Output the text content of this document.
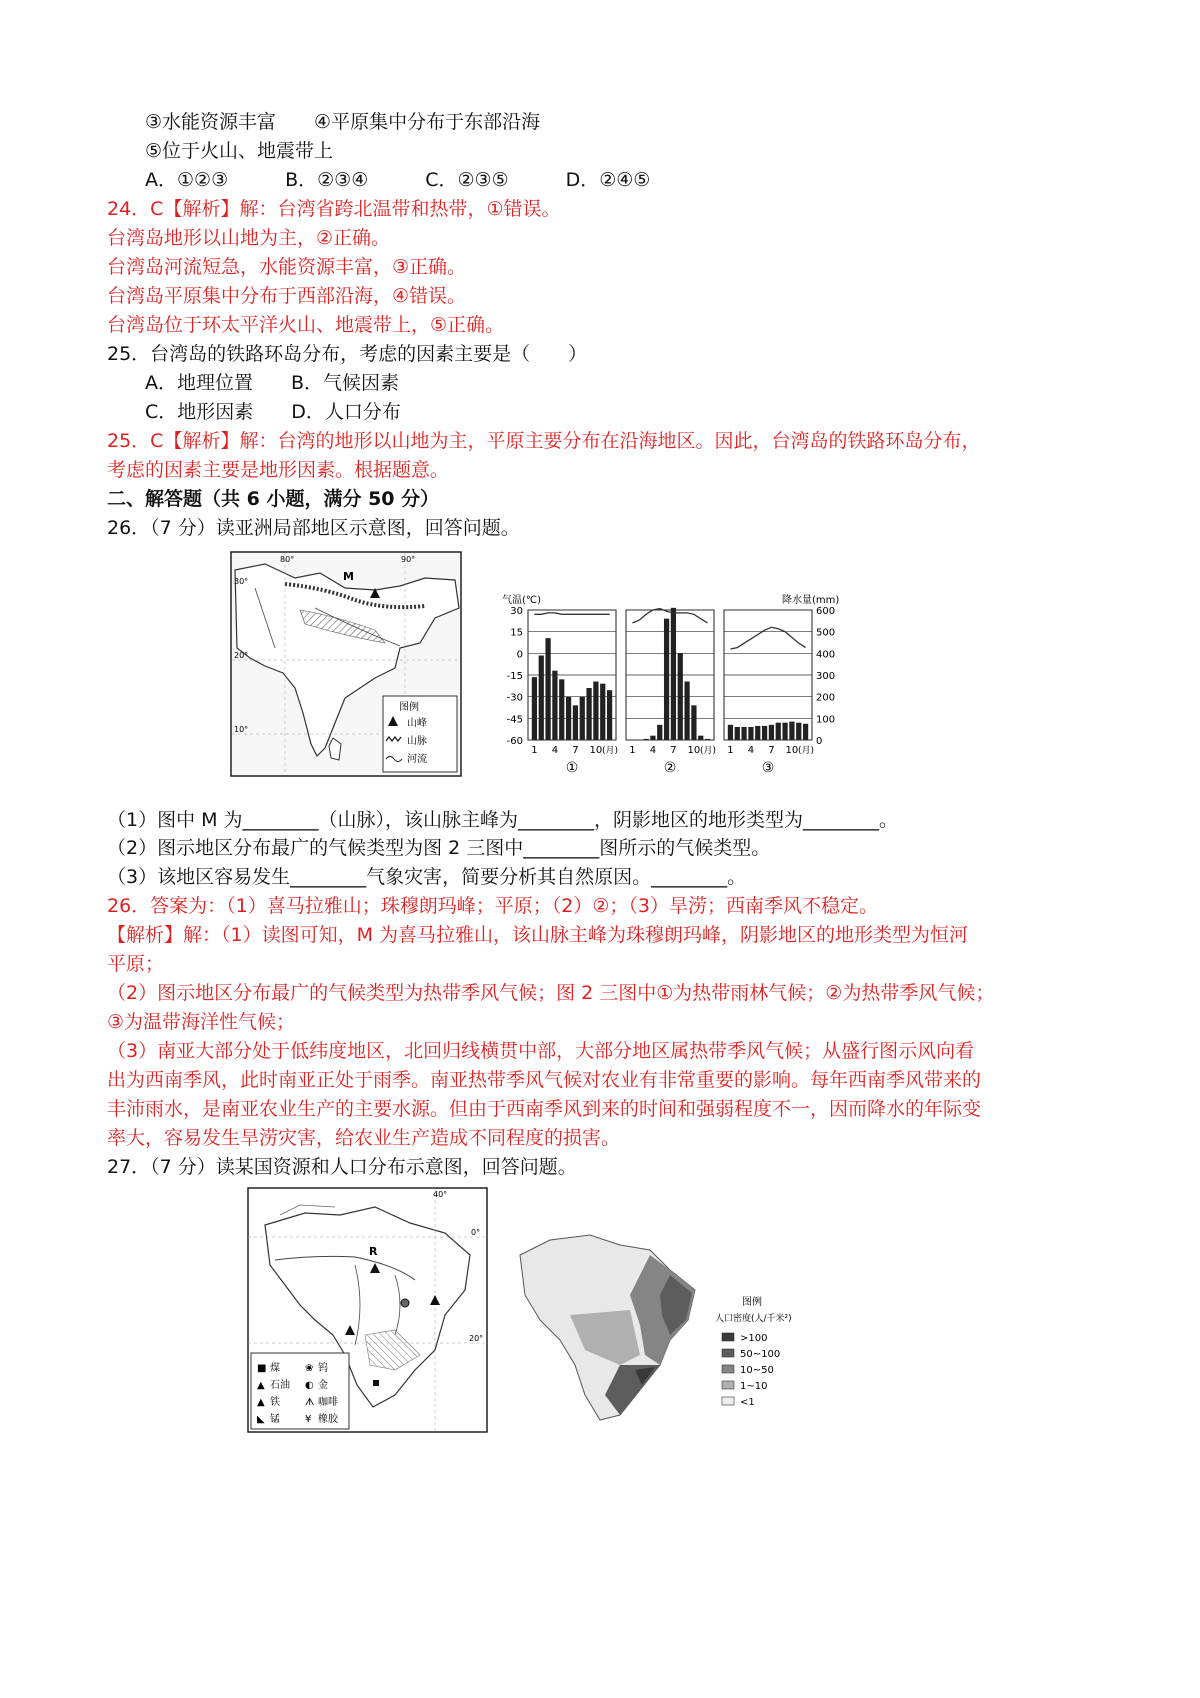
③水能资源丰富　　④平原集中分布于东部沿海
⑤位于火山、地震带上
A．①②③　　　B．②③④　　　C．②③⑤　　　D．②④⑤
24．C【解析】解：台湾省跨北温带和热带，①错误。
台湾岛地形以山地为主，②正确。
台湾岛河流短急，水能资源丰富，③正确。
台湾岛平原集中分布于西部沿海，④错误。
台湾岛位于环太平洋火山、地震带上，⑤正确。
25．台湾岛的铁路环岛分布，考虑的因素主要是（　　）
A．地理位置　　B．气候因素
C．地形因素　　D．人口分布
25．C【解析】解：台湾的地形以山地为主，平原主要分布在沿海地区。因此，台湾岛的铁路环岛分布，
考虑的因素主要是地形因素。根据题意。
二、解答题（共 6 小题，满分 50 分）
26．（7 分）读亚洲局部地区示意图，回答问题。
M
80°	90°
30°
20°
10°
图例
山峰
山脉
河流
气温(℃)	降水量(mm)
30
15
0
-15
-30
-45
-60
600
500
400
300
200
100
0
1 4 7 10 (月)
①
1 4 7 10 (月)
②
1 4 7 10 (月)
③
（1）图中 M 为________（山脉），该山脉主峰为________，阴影地区的地形类型为________。
（2）图示地区分布最广的气候类型为图 2 三图中________图所示的气候类型。
（3）该地区容易发生________气象灾害，简要分析其自然原因。________。
26．答案为：（1）喜马拉雅山；珠穆朗玛峰；平原；（2）②；（3）旱涝；西南季风不稳定。
【解析】解：（1）读图可知，M 为喜马拉雅山，该山脉主峰为珠穆朗玛峰，阴影地区的地形类型为恒河
平原；
（2）图示地区分布最广的气候类型为热带季风气候；图 2 三图中①为热带雨林气候；②为热带季风气候；
③为温带海洋性气候；
（3）南亚大部分处于低纬度地区，北回归线横贯中部，大部分地区属热带季风气候；从盛行图示风向看
出为西南季风，此时南亚正处于雨季。南亚热带季风气候对农业有非常重要的影响。每年西南季风带来的
丰沛雨水，是南亚农业生产的主要水源。但由于西南季风到来的时间和强弱程度不一，因而降水的年际变
率大，容易发生旱涝灾害，给农业生产造成不同程度的损害。
27．（7 分）读某国资源和人口分布示意图，回答问题。
40°
0°
20°
R
■ 煤	❀ 钨
▲ 石油 ◐ 金
▲ 铁	ᗑ 咖啡
◣ 锰	¥ 橡胶
图例
人口密度(人/千米²)
>100
50~100
10~50
1~10
<1
